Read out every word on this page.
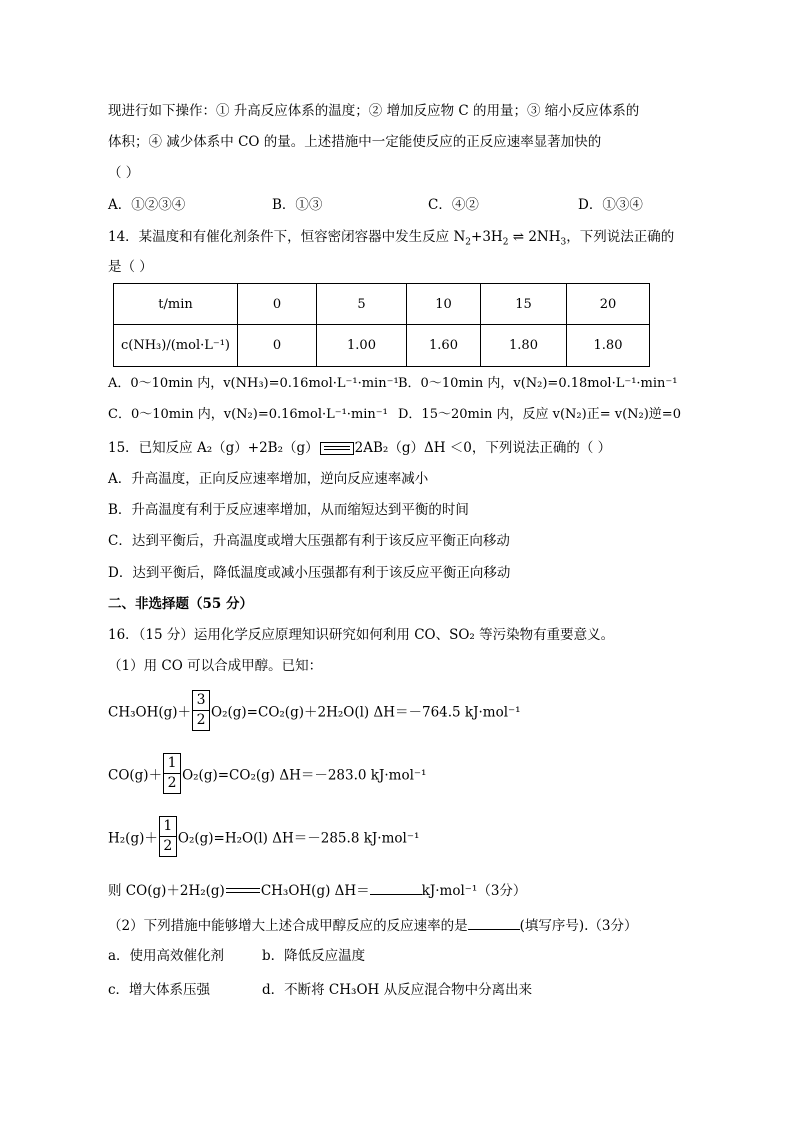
现进行如下操作：① 升高反应体系的温度；② 增加反应物 C 的用量；③ 缩小反应体系的
体积；④ 减少体系中 CO 的量。上述措施中一定能使反应的正反应速率显著加快的
（ ）
A．①②③④	B．①③	C．④②	D．①③④
14．某温度和有催化剂条件下，恒容密闭容器中发生反应 $N_2+3H_2$ ⇌ $2NH_3$，下列说法正确的
是（ ）
t/min	0	5	10	15	20
c(NH₃)/(mol·L⁻¹)	0	1.00	1.60	1.80	1.80
A．0～10min 内，v(NH₃)=0.16mol·L⁻¹·min⁻¹ B．0～10min 内，v(N₂)=0.18mol·L⁻¹·min⁻¹
C．0～10min 内，v(N₂)=0.16mol·L⁻¹·min⁻¹ D．15～20min 内，反应 v(N₂)正= v(N₂)逆=0
15．已知反应 A₂（g）+2B₂（g）	2AB₂（g）ΔH ＜0，下列说法正确的（ ）
A．升高温度，正向反应速率增加，逆向反应速率减小
B．升高温度有利于反应速率增加，从而缩短达到平衡的时间
C．达到平衡后，升高温度或增大压强都有利于该反应平衡正向移动
D．达到平衡后，降低温度或减小压强都有利于该反应平衡正向移动
二、非选择题（55 分）
16．（15 分）运用化学反应原理知识研究如何利用 CO、SO₂ 等污染物有重要意义。
（1）用 CO 可以合成甲醇。已知：
$CH_3OH(g)+ \frac{3}{2} O_2(g)=CO_2(g)+2H_2O(l)$ ΔH＝－764.5 kJ·mol⁻¹
$CO(g)+ \frac{1}{2} O_2(g)=CO_2(g)$ ΔH＝－283.0 kJ·mol⁻¹
$H_2(g)+ \frac{1}{2} O_2(g)=H_2O(l)$ ΔH＝－285.8 kJ·mol⁻¹
则 CO(g)＋2H₂(g)	CH₃OH(g) ΔH＝	kJ·mol⁻¹（3分）
（2）下列措施中能够增大上述合成甲醇反应的反应速率的是	(填写序号).（3分）
a．使用高效催化剂	b．降低反应温度
c．增大体系压强	d．不断将 CH₃OH 从反应混合物中分离出来
